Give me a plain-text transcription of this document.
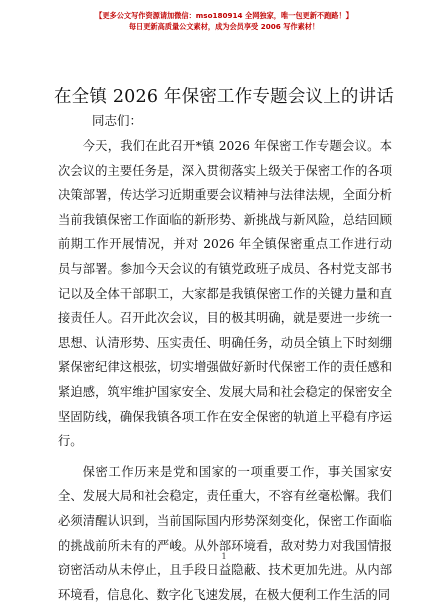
【更多公文写作资源请加微信：mso180914 全网独家，唯一包更新不跑路！】
每日更新高质量公文素材，成为会员享受 2006 写作素材！
在全镇 2026 年保密工作专题会议上的讲话
同志们：

今天，我们在此召开*镇 2026 年保密工作专题会议。本次会议的主要任务是，深入贯彻落实上级关于保密工作的各项决策部署，传达学习近期重要会议精神与法律法规，全面分析当前我镇保密工作面临的新形势、新挑战与新风险，总结回顾前期工作开展情况，并对 2026 年全镇保密重点工作进行动员与部署。参加今天会议的有镇党政班子成员、各村党支部书记以及全体干部职工，大家都是我镇保密工作的关键力量和直接责任人。召开此次会议，目的极其明确，就是要进一步统一思想、认清形势、压实责任、明确任务，动员全镇上下时刻绷紧保密纪律这根弦，切实增强做好新时代保密工作的责任感和紧迫感，筑牢维护国家安全、发展大局和社会稳定的保密安全坚固防线，确保我镇各项工作在安全保密的轨道上平稳有序运行。

保密工作历来是党和国家的一项重要工作，事关国家安全、发展大局和社会稳定，责任重大，不容有丝毫松懈。我们必须清醒认识到，当前国际国内形势深刻变化，保密工作面临的挑战前所未有的严峻。从外部环境看，敌对势力对我国情报窃密活动从未停止，且手段日益隐蔽、技术更加先进。从内部环境看，信息化、数字化飞速发展，在极大便利工作生活的同

1
